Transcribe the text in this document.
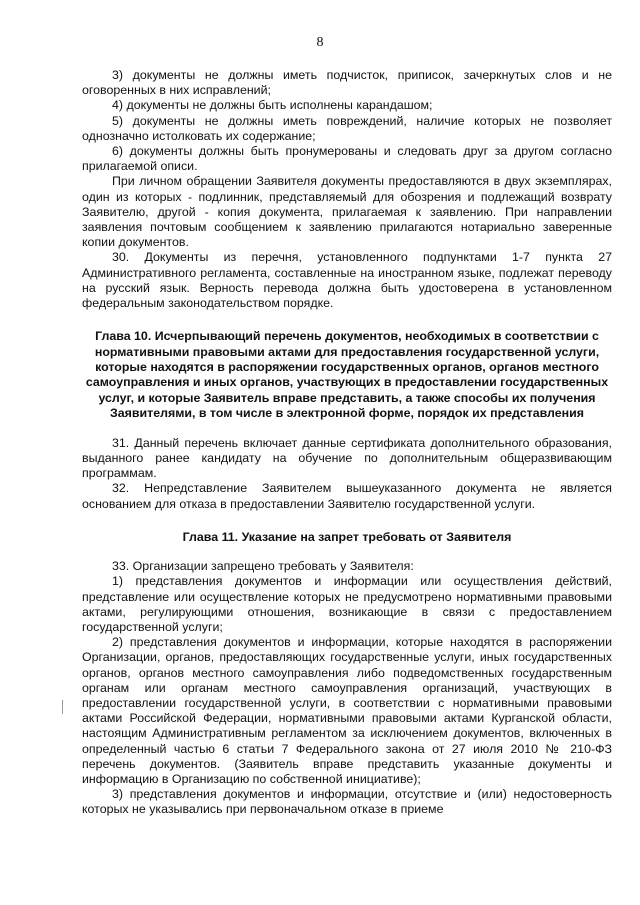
8

3) документы не должны иметь подчисток, приписок, зачеркнутых слов и не оговоренных в них исправлений;

4) документы не должны быть исполнены карандашом;

5) документы не должны иметь повреждений, наличие которых не позволяет однозначно истолковать их содержание;

6) документы должны быть пронумерованы и следовать друг за другом согласно прилагаемой описи.

При личном обращении Заявителя документы предоставляются в двух экземплярах, один из которых - подлинник, представляемый для обозрения и подлежащий возврату Заявителю, другой - копия документа, прилагаемая к заявлению. При направлении заявления почтовым сообщением к заявлению прилагаются нотариально заверенные копии документов.

30. Документы из перечня, установленного подпунктами 1-7 пункта 27 Административного регламента, составленные на иностранном языке, подлежат переводу на русский язык. Верность перевода должна быть удостоверена в установленном федеральным законодательством порядке.

Глава 10. Исчерпывающий перечень документов, необходимых в соответствии с нормативными правовыми актами для предоставления государственной услуги, которые находятся в распоряжении государственных органов, органов местного самоуправления и иных органов, участвующих в предоставлении государственных услуг, и которые Заявитель вправе представить, а также способы их получения Заявителями, в том числе в электронной форме, порядок их представления

31. Данный перечень включает данные сертификата дополнительного образования, выданного ранее кандидату на обучение по дополнительным общеразвивающим программам.

32. Непредставление Заявителем вышеуказанного документа не является основанием для отказа в предоставлении Заявителю государственной услуги.

Глава 11. Указание на запрет требовать от Заявителя

33. Организации запрещено требовать у Заявителя:

1) представления документов и информации или осуществления действий, представление или осуществление которых не предусмотрено нормативными правовыми актами, регулирующими отношения, возникающие в связи с предоставлением государственной услуги;

2) представления документов и информации, которые находятся в распоряжении Организации, органов, предоставляющих государственные услуги, иных государственных органов, органов местного самоуправления либо подведомственных государственным органам или органам местного самоуправления организаций, участвующих в предоставлении государственной услуги, в соответствии с нормативными правовыми актами Российской Федерации, нормативными правовыми актами Курганской области, настоящим Административным регламентом за исключением документов, включенных в определенный частью 6 статьи 7 Федерального закона от 27 июля 2010 № 210-ФЗ перечень документов. (Заявитель вправе представить указанные документы и информацию в Организацию по собственной инициативе);

3) представления документов и информации, отсутствие и (или) недостоверность которых не указывались при первоначальном отказе в приеме
